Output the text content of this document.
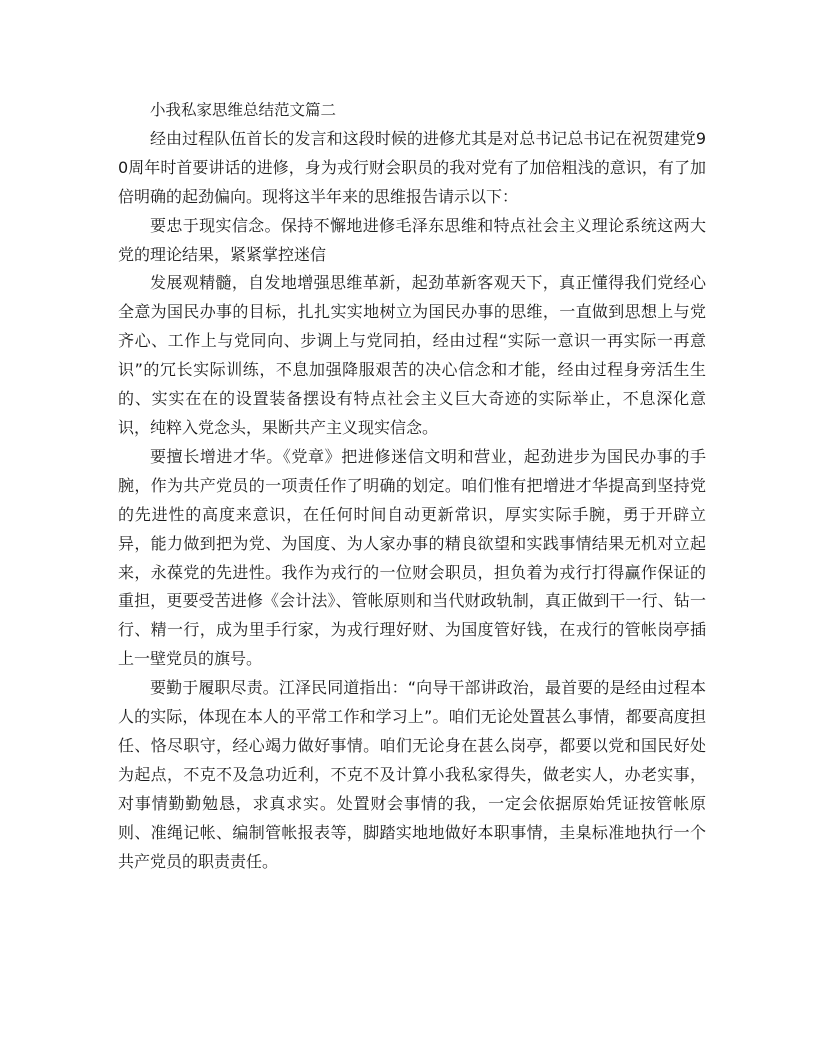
小我私家思维总结范文篇二

经由过程队伍首长的发言和这段时候的进修尤其是对总书记总书记在祝贺建党90周年时首要讲话的进修，身为戎行财会职员的我对党有了加倍粗浅的意识，有了加倍明确的起劲偏向。现将这半年来的思维报告请示以下：

要忠于现实信念。保持不懈地进修毛泽东思维和特点社会主义理论系统这两大党的理论结果，紧紧掌控迷信

发展观精髓，自发地增强思维革新，起劲革新客观天下，真正懂得我们党经心全意为国民办事的目标，扎扎实实地树立为国民办事的思维，一直做到思想上与党齐心、工作上与党同向、步调上与党同拍，经由过程“实际一意识一再实际一再意识”的冗长实际训练，不息加强降服艰苦的决心信念和才能，经由过程身旁活生生的、实实在在的设置装备摆设有特点社会主义巨大奇迹的实际举止，不息深化意识，纯粹入党念头，果断共产主义现实信念。

要擅长增进才华。《党章》把进修迷信文明和营业，起劲进步为国民办事的手腕，作为共产党员的一项责任作了明确的划定。咱们惟有把增进才华提高到坚持党的先进性的高度来意识，在任何时间自动更新常识，厚实实际手腕，勇于开辟立异，能力做到把为党、为国度、为人家办事的精良欲望和实践事情结果无机对立起来，永葆党的先进性。我作为戎行的一位财会职员，担负着为戎行打得赢作保证的重担，更要受苦进修《会计法》、管帐原则和当代财政轨制，真正做到干一行、钻一行、精一行，成为里手行家，为戎行理好财、为国度管好钱，在戎行的管帐岗亭插上一壁党员的旗号。

要勤于履职尽责。江泽民同道指出：“向导干部讲政治，最首要的是经由过程本人的实际，体现在本人的平常工作和学习上”。咱们无论处置甚么事情，都要高度担任、恪尽职守，经心竭力做好事情。咱们无论身在甚么岗亭，都要以党和国民好处为起点，不克不及急功近利，不克不及计算小我私家得失，做老实人，办老实事，对事情勤勤勉恳，求真求实。处置财会事情的我，一定会依据原始凭证按管帐原则、准绳记帐、编制管帐报表等，脚踏实地地做好本职事情，圭臬标准地执行一个共产党员的职责责任。
